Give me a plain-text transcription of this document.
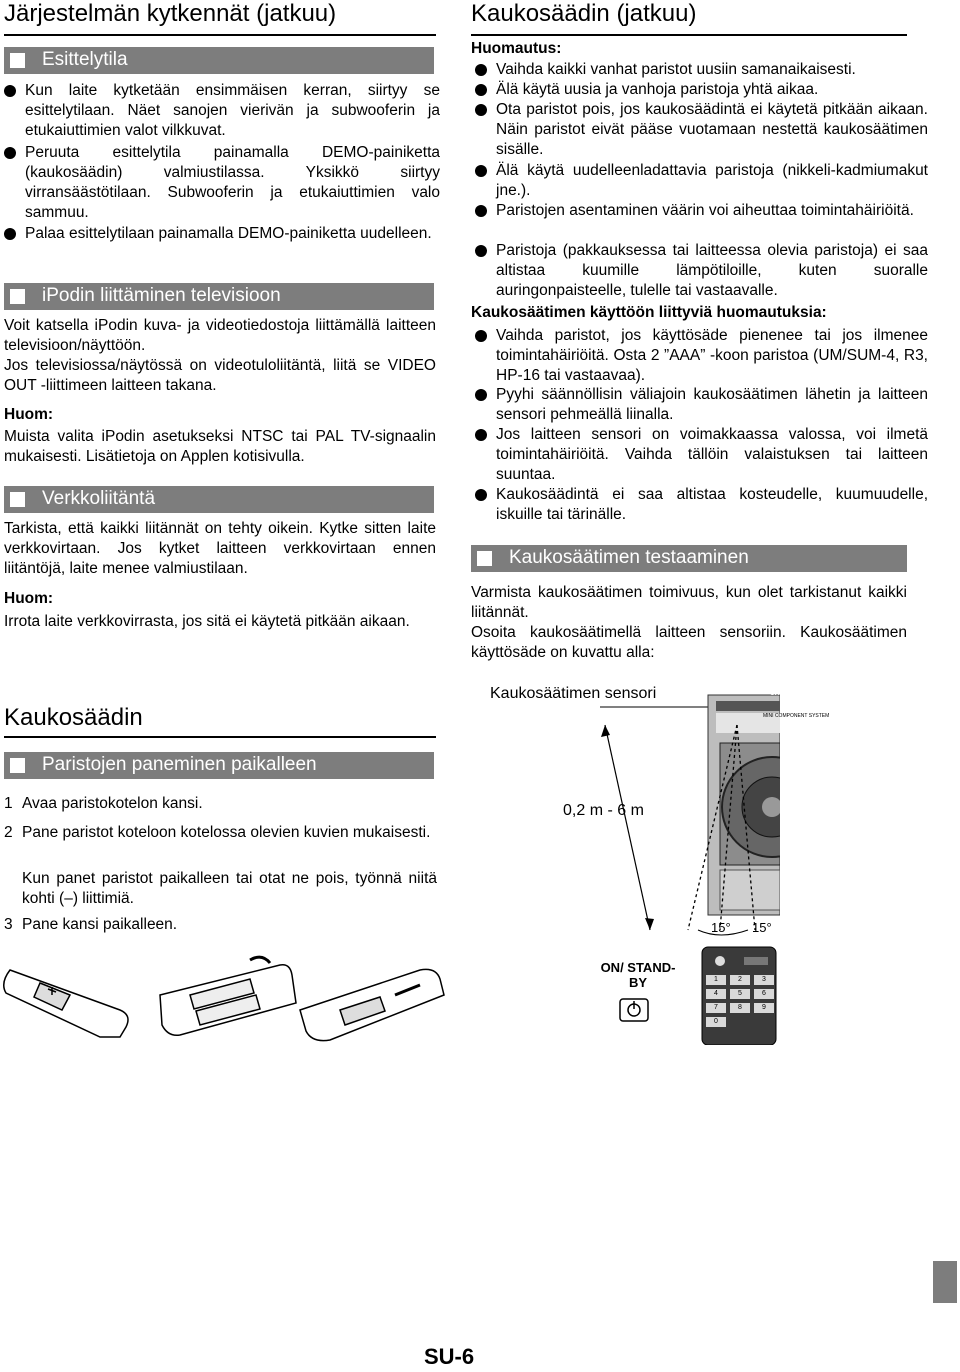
Järjestelmän kytkennät (jatkuu)
Esittelytila
Kun laite kytketään ensimmäisen kerran, siirtyy se esittelytilaan. Näet sanojen vierivän ja subwooferin ja etukaiuttimien valot vilkkuvat.
Peruuta esittelytila painamalla DEMO-painiketta (kaukosäädin) valmiustilassa. Yksikkö siirtyy virransäästötilaan. Subwooferin ja etukaiuttimien valo sammuu.
Palaa esittelytilaan painamalla DEMO-painiketta uudelleen.
iPodin liittäminen televisioon
Voit katsella iPodin kuva- ja videotiedostoja liittämällä laitteen televisioon/näyttöön.
Jos televisiossa/näytössä on videotuloliitäntä, liitä se VIDEO OUT -liittimeen laitteen takana.
Huom:
Muista valita iPodin asetukseksi NTSC tai PAL TV-signaalin mukaisesti. Lisätietoja on Applen kotisivulla.
Verkkoliitäntä
Tarkista, että kaikki liitännät on tehty oikein. Kytke sitten laite verkkovirtaan. Jos kytket laitteen verkkovirtaan ennen liitäntöjä, laite menee valmiustilaan.
Huom:
Irrota laite verkkovirrasta, jos sitä ei käytetä pitkään aikaan.
Kaukosäädin
Paristojen paneminen paikalleen
1 Avaa paristokotelon kansi.
2 Pane paristot koteloon kotelossa olevien kuvien mukaisesti.
Kun panet paristot paikalleen tai otat ne pois, työnnä niitä kohti (–) liittimiä.
3 Pane kansi paikalleen.
Kaukosäädin (jatkuu)
Huomautus:
Vaihda kaikki vanhat paristot uusiin samanaikaisesti.
Älä käytä uusia ja vanhoja paristoja yhtä aikaa.
Ota paristot pois, jos kaukosäädintä ei käytetä pitkään aikaan. Näin paristot eivät pääse vuotamaan nestettä kaukosäätimen sisälle.
Älä käytä uudelleenladattavia paristoja (nikkeli-kadmiumakut jne.).
Paristojen asentaminen väärin voi aiheuttaa toimintahäiriöitä.
Paristoja (pakkauksessa tai laitteessa olevia paristoja) ei saa altistaa kuumille lämpötiloille, kuten suoralle auringonpaisteelle, tulelle tai vastaavalle.
Kaukosäätimen käyttöön liittyviä huomautuksia:
Vaihda paristot, jos käyttösäde pienenee tai jos ilmenee toimintahäiriöitä. Osta 2 ”AAA” -koon paristoa (UM/SUM-4, R3, HP-16 tai vastaavaa).
Pyyhi säännöllisin väliajoin kaukosäätimen lähetin ja laitteen sensori pehmeällä liinalla.
Jos laitteen sensori on voimakkaassa valossa, voi ilmetä toimintahäiriöitä. Vaihda tällöin valaistuksen tai laitteen suuntaa.
Kaukosäädintä ei saa altistaa kosteudelle, kuumuudelle, iskuille tai tärinälle.
Kaukosäätimen testaaminen
Varmista kaukosäätimen toimivuus, kun olet tarkistanut kaikki liitännät.
Osoita kaukosäätimellä laitteen sensoriin. Kaukosäätimen käyttösäde on kuvattu alla:
Kaukosäätimen sensori
0,2 m - 6 m
15° 15°
SHARP
MINI COMPONENT SYSTEM
ON/ STAND-BY	1	2	3
4	5	6
7	8	9
0
SU-6
